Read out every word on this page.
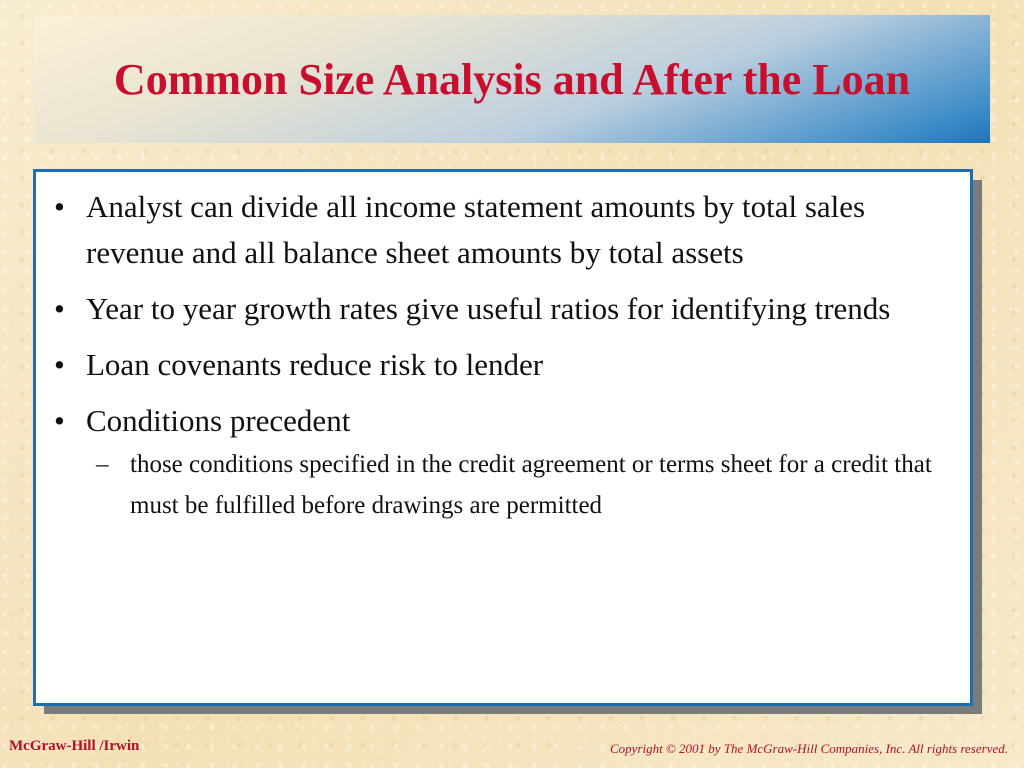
Common Size Analysis and After the Loan
• Analyst can divide all income statement amounts by total sales revenue and all balance sheet amounts by total assets
• Year to year growth rates give useful ratios for identifying trends
• Loan covenants reduce risk to lender
• Conditions precedent
– those conditions specified in the credit agreement or terms sheet for a credit that must be fulfilled before drawings are permitted
McGraw-Hill /Irwin	Copyright © 2001 by The McGraw-Hill Companies, Inc. All rights reserved.
